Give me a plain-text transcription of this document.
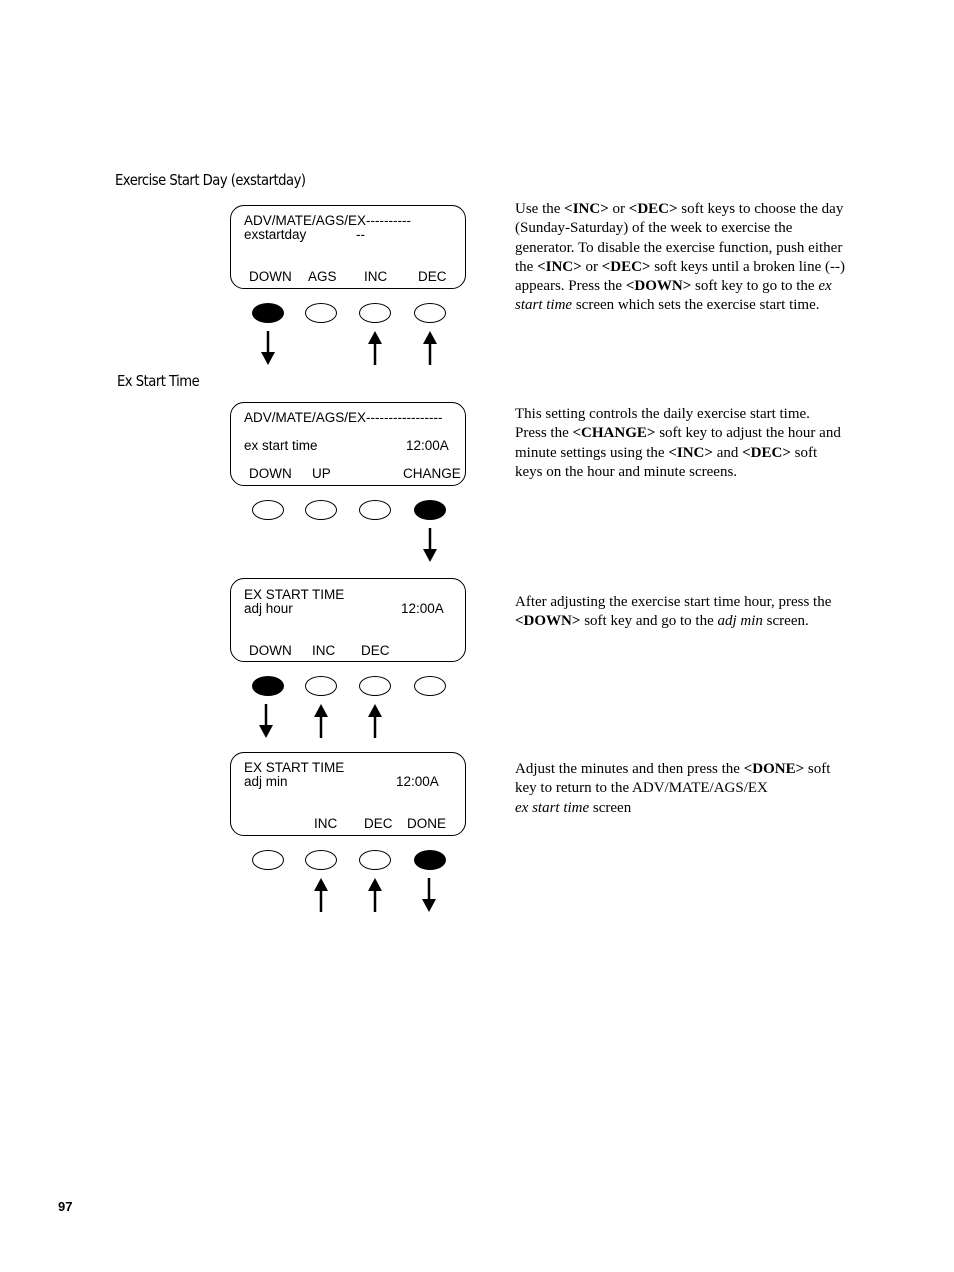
Exercise Start Day (exstartday)
Ex Start Time
ADV/MATE/AGS/EX----------
exstartday	--
DOWN AGS INC DEC
ADV/MATE/AGS/EX-----------------
ex start time	12:00A
DOWN UP	CHANGE
EX START TIME
adj hour	12:00A
DOWN INC DEC
EX START TIME
adj min	12:00A
INC DEC DONE
Use the <INC> or <DEC> soft keys to choose the day (Sunday-Saturday) of the week to exercise the generator. To disable the exercise function, push either the <INC> or <DEC> soft keys until a broken line (--) appears. Press the <DOWN> soft key to go to the ex start time screen which sets the exercise start time.
This setting controls the daily exercise start time. Press the <CHANGE> soft key to adjust the hour and minute settings using the <INC> and <DEC> soft keys on the hour and minute screens.
After adjusting the exercise start time hour, press the <DOWN> soft key and go to the adj min screen.
Adjust the minutes and then press the <DONE> soft key to return to the ADV/MATE/AGS/EX
ex start time screen
97
